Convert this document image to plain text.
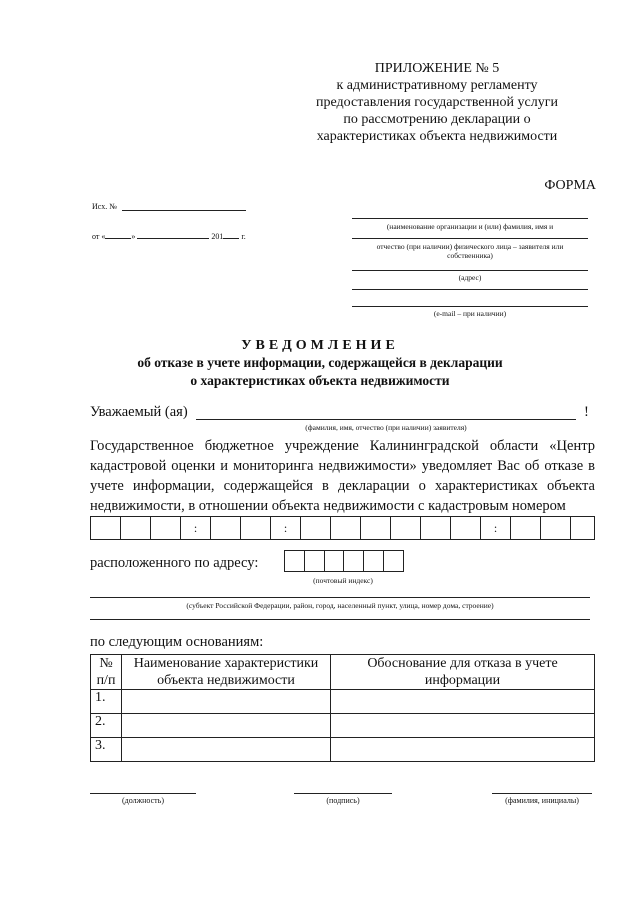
ПРИЛОЖЕНИЕ № 5
к административному регламенту
предоставления государственной услуги
по рассмотрению декларации о
характеристиках объекта недвижимости
ФОРМА
Исх. №
от «	»	201 г.
(наименование организации и (или) фамилия, имя и
отчество (при наличии) физического лица – заявителя или
собственника)
(адрес)
(e-mail – при наличии)
УВЕДОМЛЕНИЕ
об отказе в учете информации, содержащейся в декларации
о характеристиках объекта недвижимости
Уважаемый (ая)	!
(фамилия, имя, отчество (при наличии) заявителя)
Государственное бюджетное учреждение Калининградской области «Центр кадастровой оценки и мониторинга недвижимости» уведомляет Вас об отказе в учете информации, содержащейся в декларации о характеристиках объекта недвижимости, в отношении объекта недвижимости с кадастровым номером
:	:	:
расположенного по адресу:
(почтовый индекс)
(субъект Российской Федерации, район, город, населенный пункт, улица, номер дома, строение)
по следующим основаниям:
№ п/п	Наименование характеристики объекта недвижимости	Обоснование для отказа в учете информации
1.		
2.		
3.		
(должность)	(подпись)	(фамилия, инициалы)
